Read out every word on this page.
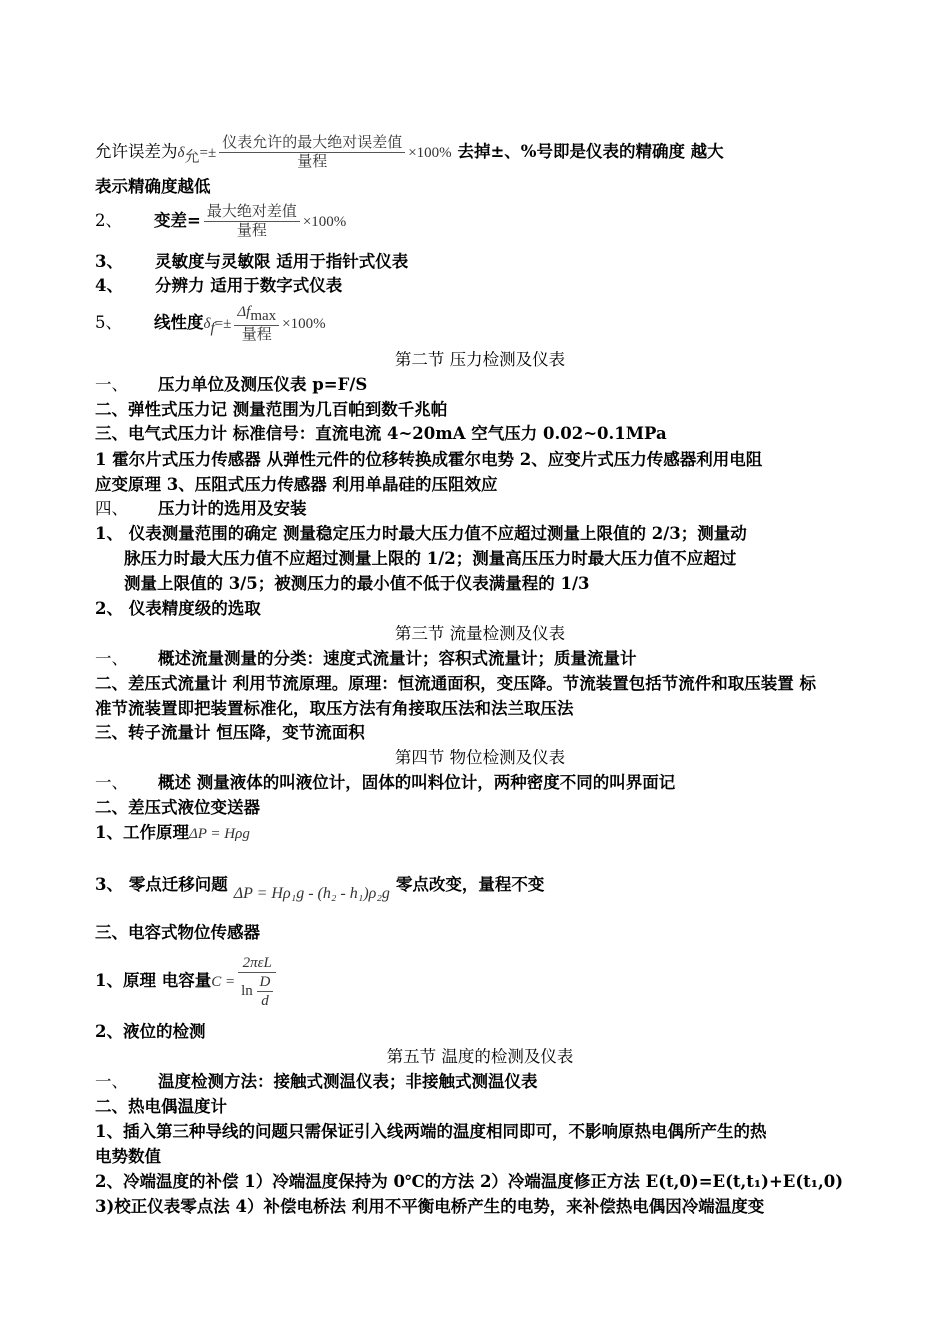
允许误差为$\delta_允=\pm \frac{\text{仪表允许的最大绝对误差值}}{\text{量程}} \times 100\%$ 去掉±、%号即是仪表的精确度 越大
表示精确度越低
2、 变差= $\frac{\text{最大绝对差值}}{\text{量程}} \times 100\%$
3、 灵敏度与灵敏限 适用于指针式仪表
4、 分辨力 适用于数字式仪表
5、 线性度$\delta_f=\pm \frac{\Delta f_{max}}{\text{量程}} \times 100\%$
第二节 压力检测及仪表
一、 压力单位及测压仪表 p=F/S
二、弹性式压力记 测量范围为几百帕到数千兆帕
三、电气式压力计 标准信号：直流电流 4~20mA 空气压力 0.02~0.1MPa
1 霍尔片式压力传感器 从弹性元件的位移转换成霍尔电势 2、应变片式压力传感器利用电阻
应变原理 3、压阻式压力传感器 利用单晶硅的压阻效应
四、 压力计的选用及安装
1、 仪表测量范围的确定 测量稳定压力时最大压力值不应超过测量上限值的 2/3；测量动
脉压力时最大压力值不应超过测量上限的 1/2；测量高压压力时最大压力值不应超过
测量上限值的 3/5；被测压力的最小值不低于仪表满量程的 1/3
2、 仪表精度级的选取
第三节 流量检测及仪表
一、 概述流量测量的分类：速度式流量计；容积式流量计；质量流量计
二、差压式流量计 利用节流原理。原理：恒流通面积，变压降。节流装置包括节流件和取压装置 标
准节流装置即把装置标准化，取压方法有角接取压法和法兰取压法
三、转子流量计 恒压降，变节流面积
第四节 物位检测及仪表
一、 概述 测量液体的叫液位计，固体的叫料位计，两种密度不同的叫界面记
二、差压式液位变送器
1、工作原理ΔP = Hρg
3、 零点迁移问题 ΔP = Hρ₁g - (h₂ - h₁)ρ₂g 零点改变，量程不变
三、电容式物位传感器
1、原理 电容量$C = \frac{\text{2πεL}}{\ln \frac{D}{d}}$
2、液位的检测
第五节 温度的检测及仪表
一、 温度检测方法：接触式测温仪表；非接触式测温仪表
二、热电偶温度计
1、插入第三种导线的问题只需保证引入线两端的温度相同即可，不影响原热电偶所产生的热
电势数值
2、冷端温度的补偿 1）冷端温度保持为 0℃的方法 2）冷端温度修正方法 E(t,0)=E(t,t₁)+E(t₁,0)
3)校正仪表零点法 4）补偿电桥法 利用不平衡电桥产生的电势，来补偿热电偶因冷端温度变
